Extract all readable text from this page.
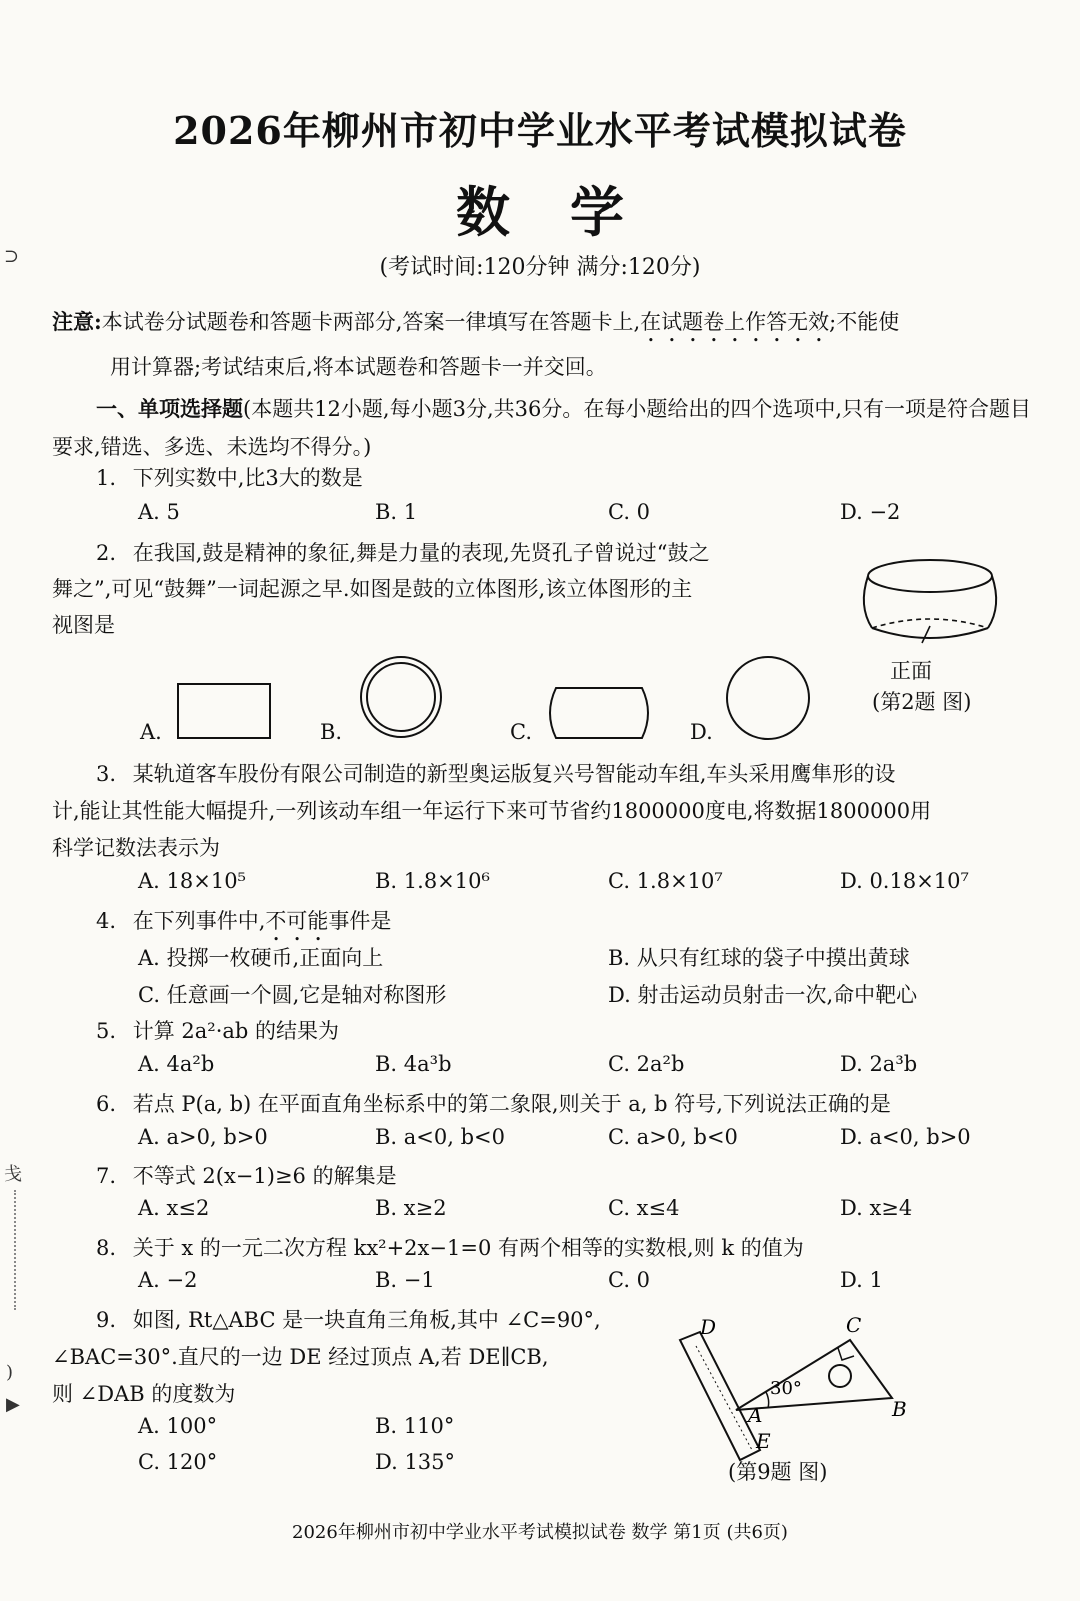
2026年柳州市初中学业水平考试模拟试卷
数学
(考试时间:120分钟 满分:120分)
注意:本试卷分试题卷和答题卡两部分,答案一律填写在答题卡上,在试题卷上作答无效;不能使
用计算器;考试结束后,将本试题卷和答题卡一并交回。
一、单项选择题(本题共12小题,每小题3分,共36分。在每小题给出的四个选项中,只有一项是符合题目要求,错选、多选、未选均不得分。)
1. 下列实数中,比3大的数是
A. 5	B. 1	C. 0	D. −2
2. 在我国,鼓是精神的象征,舞是力量的表现,先贤孔子曾说过“鼓之
舞之”,可见“鼓舞”一词起源之早.如图是鼓的立体图形,该立体图形的主
视图是
正面
(第2题 图)
A.	B.	C.	D.
3. 某轨道客车股份有限公司制造的新型奥运版复兴号智能动车组,车头采用鹰隼形的设
计,能让其性能大幅提升,一列该动车组一年运行下来可节省约1800000度电,将数据1800000用
科学记数法表示为
A. 18×10⁵	B. 1.8×10⁶	C. 1.8×10⁷	D. 0.18×10⁷
4. 在下列事件中,不可能事件是
A. 投掷一枚硬币,正面向上	B. 从只有红球的袋子中摸出黄球
C. 任意画一个圆,它是轴对称图形	D. 射击运动员射击一次,命中靶心
5. 计算 2a²·ab 的结果为
A. 4a²b	B. 4a³b	C. 2a²b	D. 2a³b
6. 若点 P(a, b) 在平面直角坐标系中的第二象限,则关于 a, b 符号,下列说法正确的是
A. a>0, b>0	B. a<0, b<0	C. a>0, b<0	D. a<0, b>0
7. 不等式 2(x−1)≥6 的解集是
A. x≤2	B. x≥2	C. x≤4	D. x≥4
8. 关于 x 的一元二次方程 kx²+2x−1=0 有两个相等的实数根,则 k 的值为
A. −2	B. −1	C. 0	D. 1
9. 如图, Rt△ABC 是一块直角三角板,其中 ∠C=90°,
∠BAC=30°.直尺的一边 DE 经过顶点 A,若 DE∥CB,
则 ∠DAB 的度数为
A. 100°	B. 110°
C. 120°	D. 135°
D	C
A	B
E
30°
(第9题 图)
2026年柳州市初中学业水平考试模拟试卷 数学 第1页 (共6页)
⊃
戋
)
▶
